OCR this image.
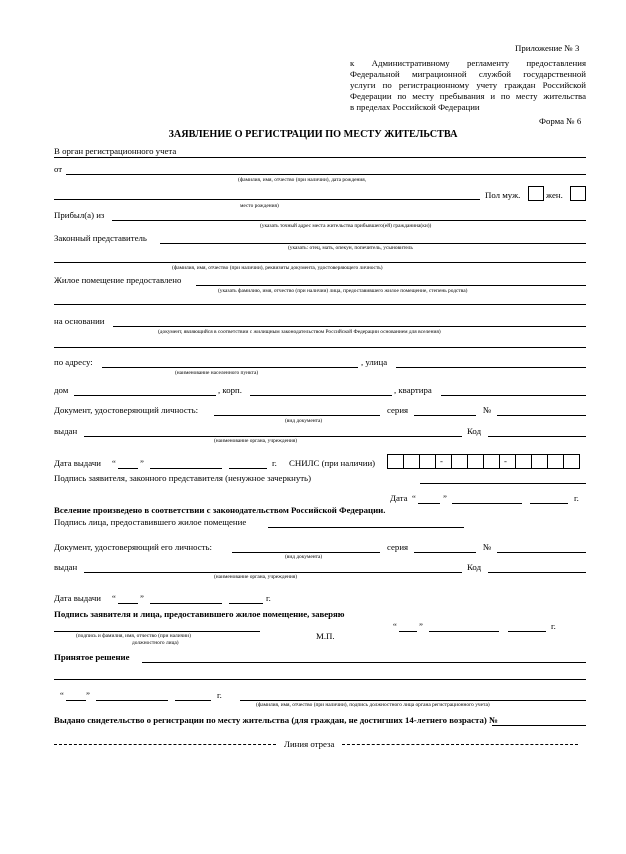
Приложение № 3
к Административному регламенту предоставления
Федеральной миграционной службой государственной
услуги по регистрационному учету граждан Российской
Федерации по месту пребывания и по месту жительства
в пределах Российской Федерации
Форма № 6
ЗАЯВЛЕНИЕ О РЕГИСТРАЦИИ ПО МЕСТУ ЖИТЕЛЬСТВА
В орган регистрационного учета
от
(фамилия, имя, отчество (при наличии), дата рождения,
Пол муж.	жен.
место рождения)
Прибыл(а) из
(указать точный адрес места жительства прибывшего(ей) гражданина(ки))
Законный представитель
(указать: отец, мать, опекун, попечитель, усыновитель
(фамилия, имя, отчество (при наличии), реквизиты документа, удостоверяющего личность)
Жилое помещение предоставлено
(указать фамилию, имя, отчество (при наличии) лица, предоставившего жилое помещение, степень родства)
на основании
(документ, являющийся в соответствии с жилищным законодательством Российской Федерации основанием для вселения)
по адресу:
(наименование населенного пункта)
, улица
дом	, корп.	, квартира
Документ, удостоверяющий личность:
(вид документа)
серия	№
выдан
(наименование органа, учреждения)
Код
Дата выдачи “	”	г. СНИЛС (при наличии)	-	-
Подпись заявителя, законного представителя (ненужное зачеркнуть)
Дата “	”	г.
Вселение произведено в соответствии с законодательством Российской Федерации.
Подпись лица, предоставившего жилое помещение
Документ, удостоверяющий его личность:
(вид документа)
серия	№
выдан
(наименование органа, учреждения)
Код
Дата выдачи “	”	г.
Подпись заявителя и лица, предоставившего жилое помещение, заверяю
(подпись и фамилия, имя, отчество (при наличии)
должностного лица)
М.П.
“	”	г.
Принятое решение
“	”	г.
(фамилия, имя, отчество (при наличии), подпись должностного лица органа регистрационного учета)
Выдано свидетельство о регистрации по месту жительства (для граждан, не достигших 14-летнего возраста) №
Линия отреза
